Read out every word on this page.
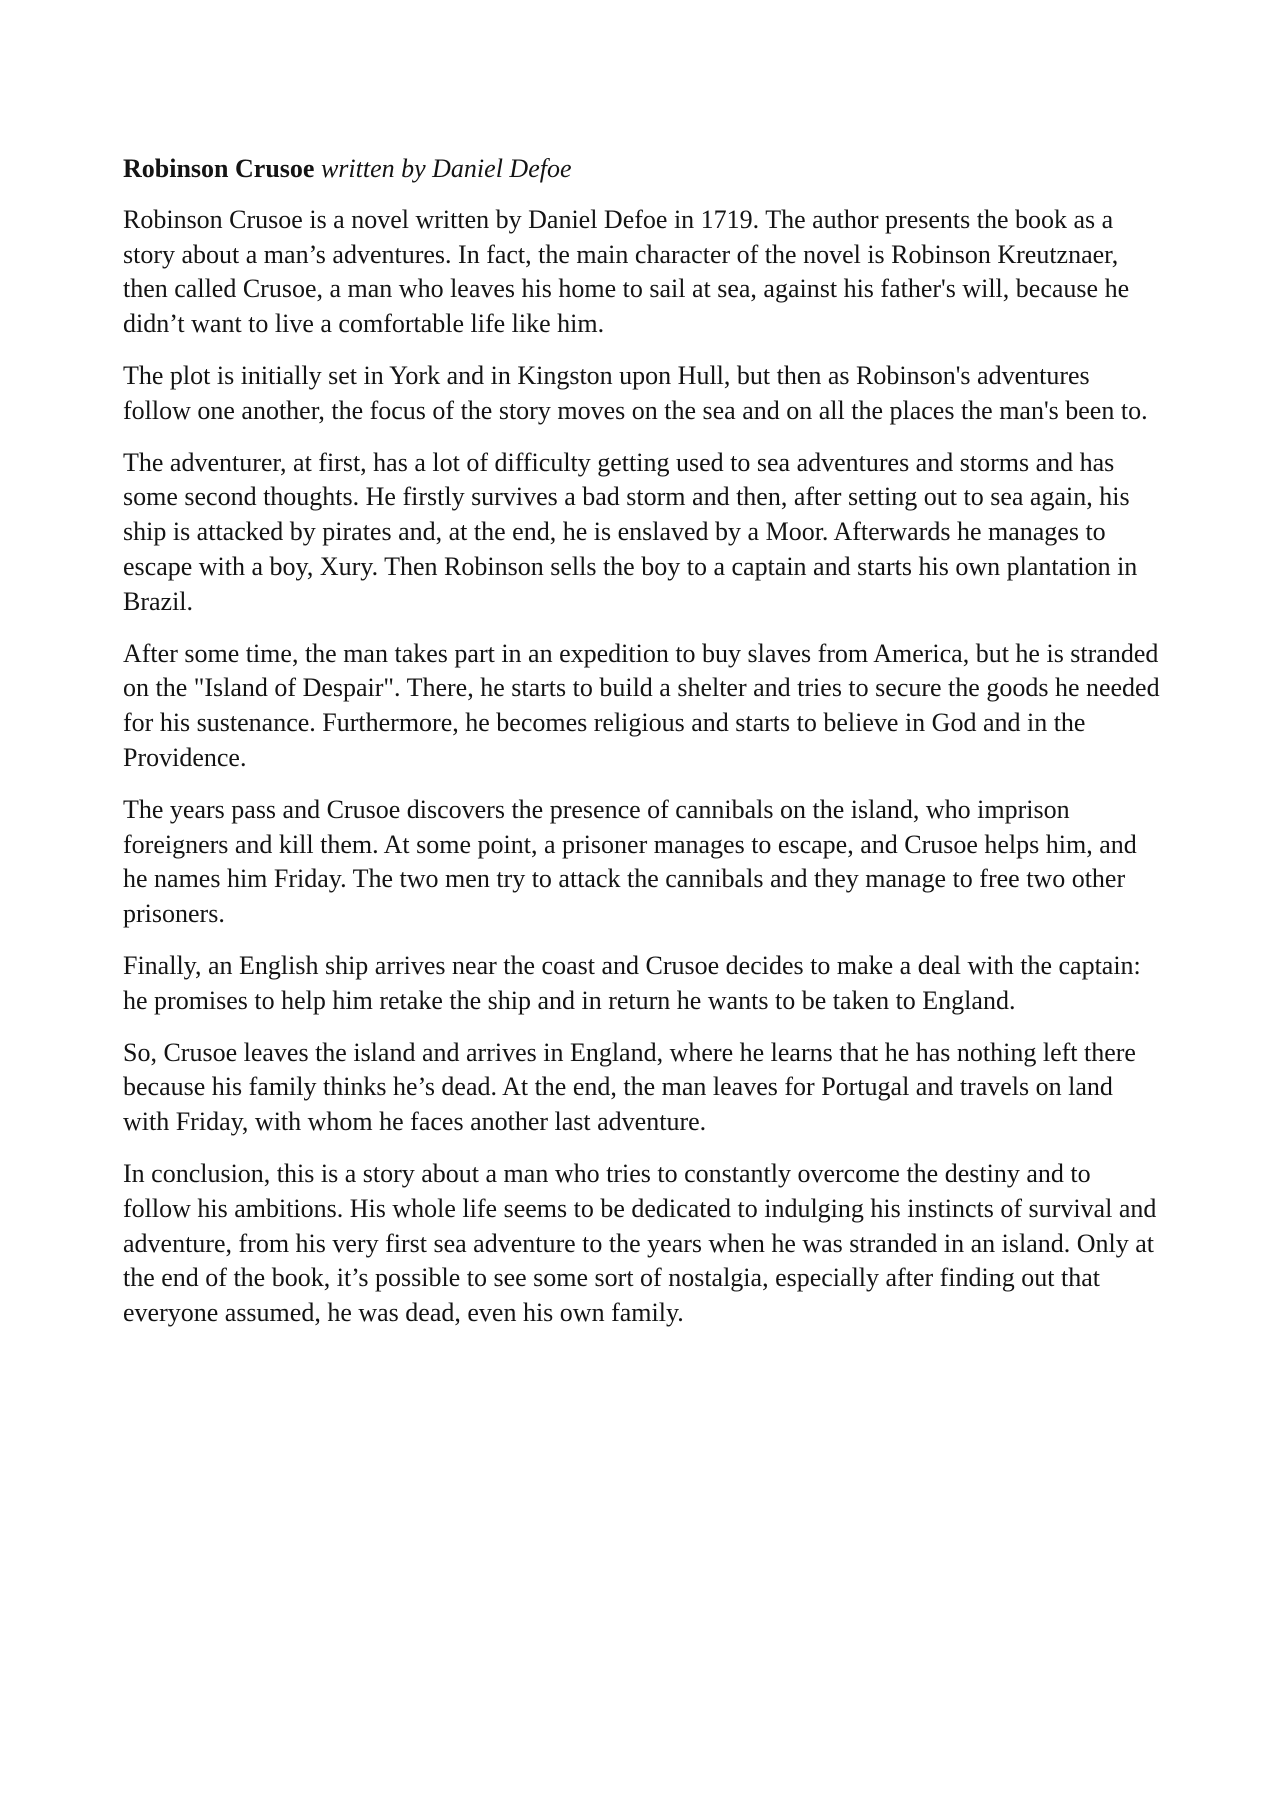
Robinson Crusoe written by Daniel Defoe

Robinson Crusoe is a novel written by Daniel Defoe in 1719. The author presents the book as a story about a man’s adventures. In fact, the main character of the novel is Robinson Kreutznaer, then called Crusoe, a man who leaves his home to sail at sea, against his father's will, because he didn’t want to live a comfortable life like him.

The plot is initially set in York and in Kingston upon Hull, but then as Robinson's adventures follow one another, the focus of the story moves on the sea and on all the places the man's been to.

The adventurer, at first, has a lot of difficulty getting used to sea adventures and storms and has some second thoughts. He firstly survives a bad storm and then, after setting out to sea again, his ship is attacked by pirates and, at the end, he is enslaved by a Moor. Afterwards he manages to escape with a boy, Xury. Then Robinson sells the boy to a captain and starts his own plantation in Brazil.

After some time, the man takes part in an expedition to buy slaves from America, but he is stranded on the "Island of Despair". There, he starts to build a shelter and tries to secure the goods he needed for his sustenance. Furthermore, he becomes religious and starts to believe in God and in the Providence.

The years pass and Crusoe discovers the presence of cannibals on the island, who imprison foreigners and kill them. At some point, a prisoner manages to escape, and Crusoe helps him, and he names him Friday. The two men try to attack the cannibals and they manage to free two other prisoners.

Finally, an English ship arrives near the coast and Crusoe decides to make a deal with the captain: he promises to help him retake the ship and in return he wants to be taken to England.

So, Crusoe leaves the island and arrives in England, where he learns that he has nothing left there because his family thinks he’s dead. At the end, the man leaves for Portugal and travels on land with Friday, with whom he faces another last adventure.

In conclusion, this is a story about a man who tries to constantly overcome the destiny and to follow his ambitions. His whole life seems to be dedicated to indulging his instincts of survival and adventure, from his very first sea adventure to the years when he was stranded in an island. Only at the end of the book, it’s possible to see some sort of nostalgia, especially after finding out that everyone assumed, he was dead, even his own family.
